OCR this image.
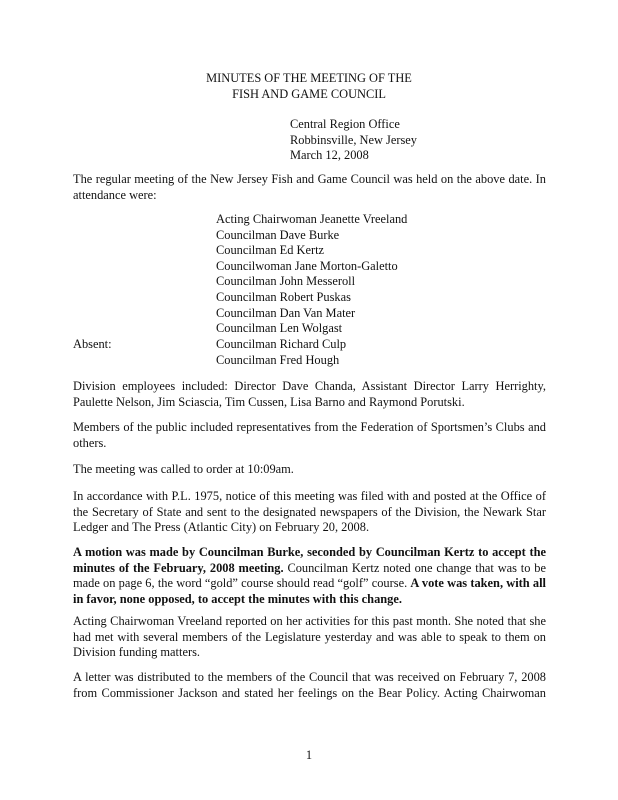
MINUTES OF THE MEETING OF THE
FISH AND GAME COUNCIL
Central Region Office
Robbinsville, New Jersey
March 12, 2008
The regular meeting of the New Jersey Fish and Game Council was held on the above date. In
attendance were:
Acting Chairwoman Jeanette Vreeland
Councilman Dave Burke
Councilman Ed Kertz
Councilwoman Jane Morton-Galetto
Councilman John Messeroll
Councilman Robert Puskas
Councilman Dan Van Mater
Councilman Len Wolgast
Absent:	Councilman Richard Culp
Councilman Fred Hough
Division employees included: Director Dave Chanda, Assistant Director Larry Herrighty,
Paulette Nelson, Jim Sciascia, Tim Cussen, Lisa Barno and Raymond Porutski.
Members of the public included representatives from the Federation of Sportsmen’s Clubs and
others.
The meeting was called to order at 10:09am.
In accordance with P.L. 1975, notice of this meeting was filed with and posted at the Office of
the Secretary of State and sent to the designated newspapers of the Division, the Newark Star
Ledger and The Press (Atlantic City) on February 20, 2008.
A motion was made by Councilman Burke, seconded by Councilman Kertz to accept the
minutes of the February, 2008 meeting. Councilman Kertz noted one change that was to be
made on page 6, the word “gold” course should read “golf” course. A vote was taken, with all
in favor, none opposed, to accept the minutes with this change.
Acting Chairwoman Vreeland reported on her activities for this past month. She noted that she
had met with several members of the Legislature yesterday and was able to speak to them on
Division funding matters.
A letter was distributed to the members of the Council that was received on February 7, 2008
from Commissioner Jackson and stated her feelings on the Bear Policy. Acting Chairwoman
1
